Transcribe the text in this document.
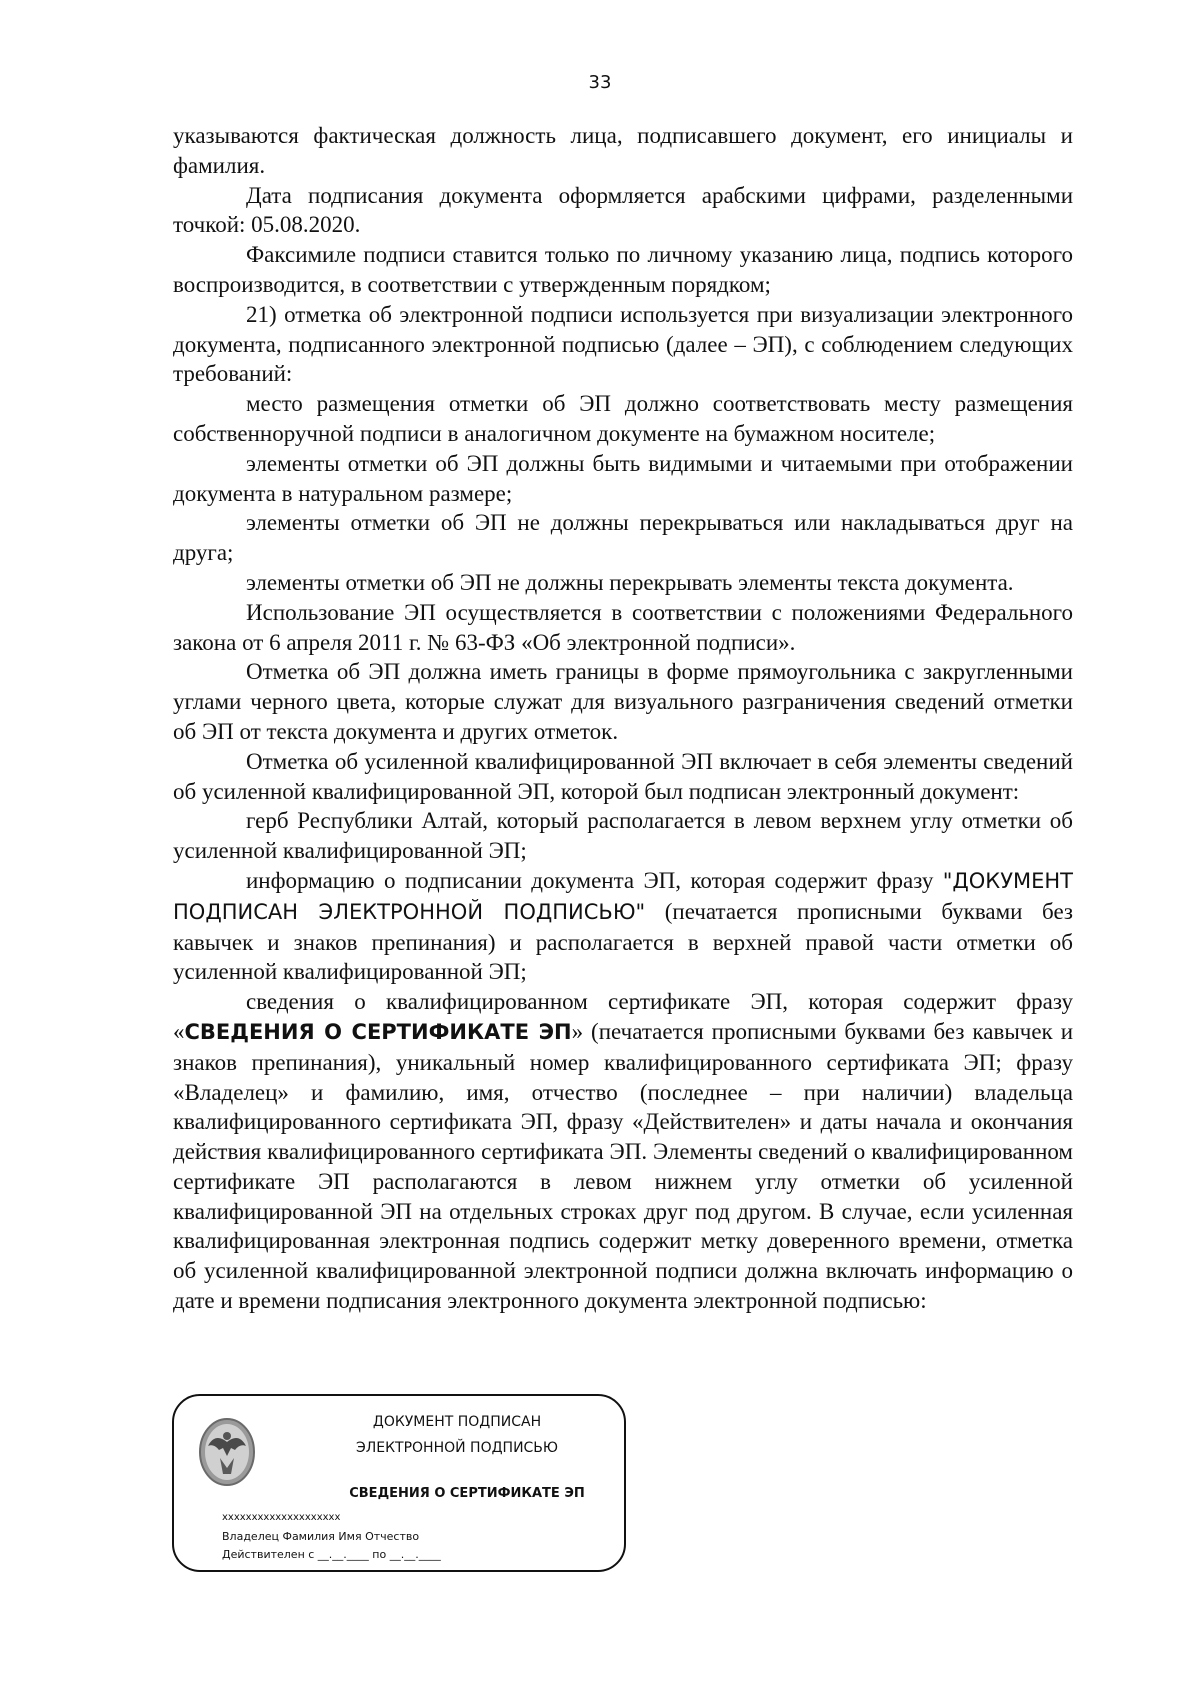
33

указываются фактическая должность лица, подписавшего документ, его инициалы и фамилия.

Дата подписания документа оформляется арабскими цифрами, разделенными точкой: 05.08.2020.

Факсимиле подписи ставится только по личному указанию лица, подпись которого воспроизводится, в соответствии с утвержденным порядком;

21) отметка об электронной подписи используется при визуализации электронного документа, подписанного электронной подписью (далее – ЭП), с соблюдением следующих требований:

место размещения отметки об ЭП должно соответствовать месту размещения собственноручной подписи в аналогичном документе на бумажном носителе;

элементы отметки об ЭП должны быть видимыми и читаемыми при отображении документа в натуральном размере;

элементы отметки об ЭП не должны перекрываться или накладываться друг на друга;

элементы отметки об ЭП не должны перекрывать элементы текста документа.

Использование ЭП осуществляется в соответствии с положениями Федерального закона от 6 апреля 2011 г. № 63-ФЗ «Об электронной подписи».

Отметка об ЭП должна иметь границы в форме прямоугольника с закругленными углами черного цвета, которые служат для визуального разграничения сведений отметки об ЭП от текста документа и других отметок.

Отметка об усиленной квалифицированной ЭП включает в себя элементы сведений об усиленной квалифицированной ЭП, которой был подписан электронный документ:

герб Республики Алтай, который располагается в левом верхнем углу отметки об усиленной квалифицированной ЭП;

информацию о подписании документа ЭП, которая содержит фразу "ДОКУМЕНТ ПОДПИСАН ЭЛЕКТРОННОЙ ПОДПИСЬЮ" (печатается прописными буквами без кавычек и знаков препинания) и располагается в верхней правой части отметки об усиленной квалифицированной ЭП;

сведения о квалифицированном сертификате ЭП, которая содержит фразу «СВЕДЕНИЯ О СЕРТИФИКАТЕ ЭП» (печатается прописными буквами без кавычек и знаков препинания), уникальный номер квалифицированного сертификата ЭП; фразу «Владелец» и фамилию, имя, отчество (последнее – при наличии) владельца квалифицированного сертификата ЭП, фразу «Действителен» и даты начала и окончания действия квалифицированного сертификата ЭП. Элементы сведений о квалифицированном сертификате ЭП располагаются в левом нижнем углу отметки об усиленной квалифицированной ЭП на отдельных строках друг под другом. В случае, если усиленная квалифицированная электронная подпись содержит метку доверенного времени, отметка об усиленной квалифицированной электронной подписи должна включать информацию о дате и времени подписания электронного документа электронной подписью:

ДОКУМЕНТ ПОДПИСАН
ЭЛЕКТРОННОЙ ПОДПИСЬЮ
СВЕДЕНИЯ О СЕРТИФИКАТЕ ЭП
xxxxxxxxxxxxxxxxxxxx
Владелец Фамилия Имя Отчество
Действителен с __.__.____ по __.__.____
